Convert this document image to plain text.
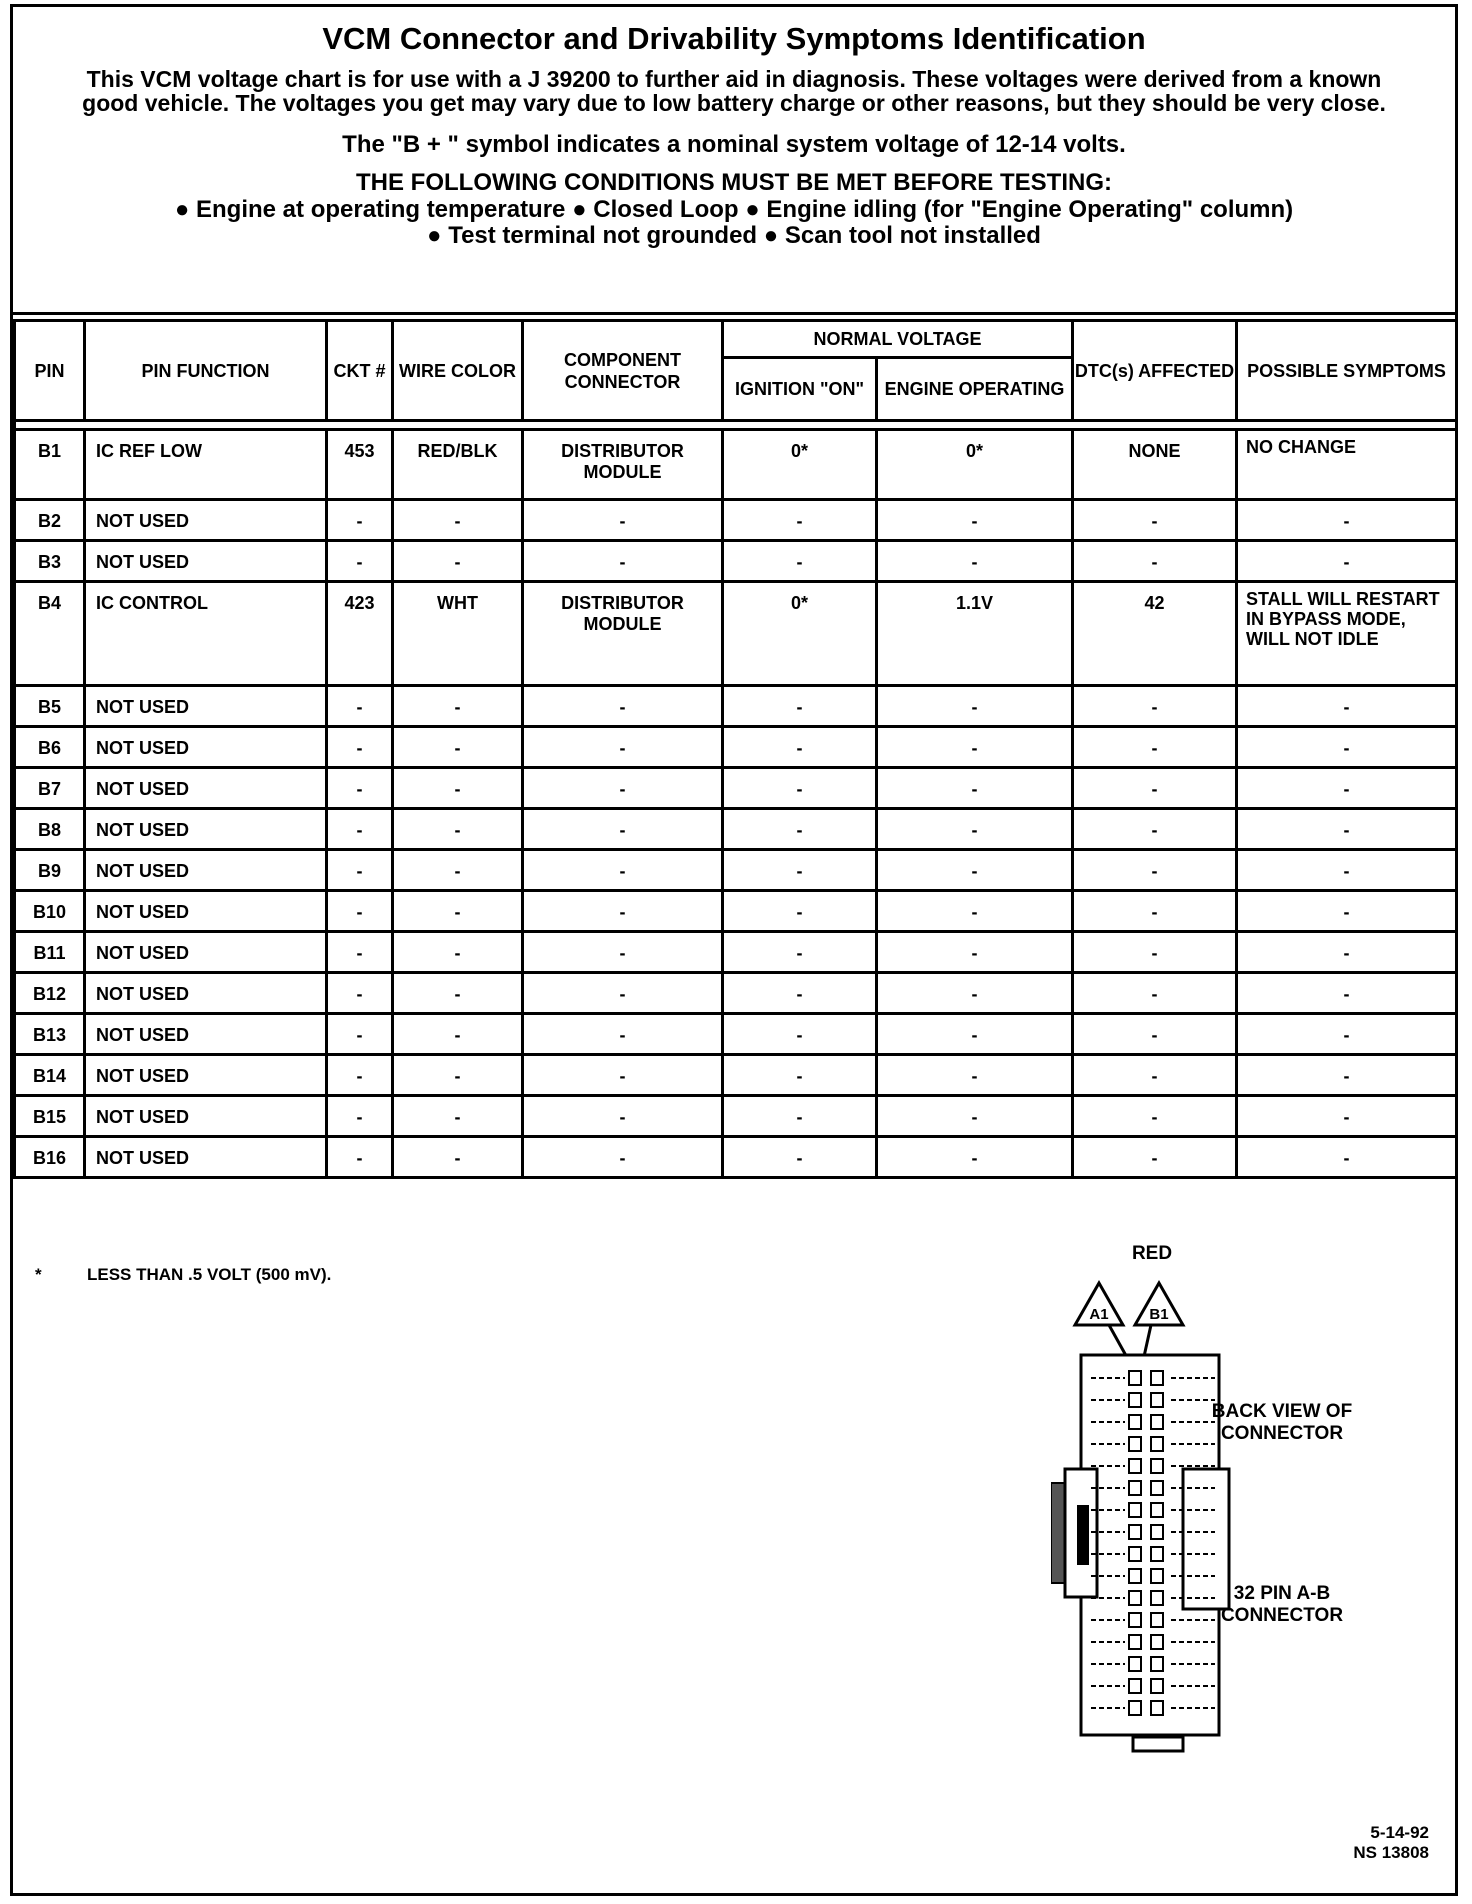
VCM Connector and Drivability Symptoms Identification
This VCM voltage chart is for use with a J 39200 to further aid in diagnosis. These voltages were derived from a known good vehicle. The voltages you get may vary due to low battery charge or other reasons, but they should be very close.
The "B + " symbol indicates a nominal system voltage of 12-14 volts.
THE FOLLOWING CONDITIONS MUST BE MET BEFORE TESTING:
● Engine at operating temperature ● Closed Loop ● Engine idling (for "Engine Operating" column)
● Test terminal not grounded ● Scan tool not installed
PIN	PIN FUNCTION	CKT #	WIRE COLOR	COMPONENT CONNECTOR	NORMAL VOLTAGE		DTC(s) AFFECTED	POSSIBLE SYMPTOMS
					IGNITION "ON"	ENGINE OPERATING		

B1	IC REF LOW	453	RED/BLK	DISTRIBUTOR MODULE	0*	0*	NONE	NO CHANGE
B2	NOT USED	-	-	-	-	-	-	-
B3	NOT USED	-	-	-	-	-	-	-
B4	IC CONTROL	423	WHT	DISTRIBUTOR MODULE	0*	1.1V	42	STALL WILL RESTART IN BYPASS MODE, WILL NOT IDLE
B5	NOT USED	-	-	-	-	-	-	-
B6	NOT USED	-	-	-	-	-	-	-
B7	NOT USED	-	-	-	-	-	-	-
B8	NOT USED	-	-	-	-	-	-	-
B9	NOT USED	-	-	-	-	-	-	-
B10	NOT USED	-	-	-	-	-	-	-
B11	NOT USED	-	-	-	-	-	-	-
B12	NOT USED	-	-	-	-	-	-	-
B13	NOT USED	-	-	-	-	-	-	-
B14	NOT USED	-	-	-	-	-	-	-
B15	NOT USED	-	-	-	-	-	-	-
B16	NOT USED	-	-	-	-	-	-	-
*	LESS THAN .5 VOLT (500 mV).
RED
A1	B1
BACK VIEW OF CONNECTOR
32 PIN A-B CONNECTOR
5-14-92
NS 13808
